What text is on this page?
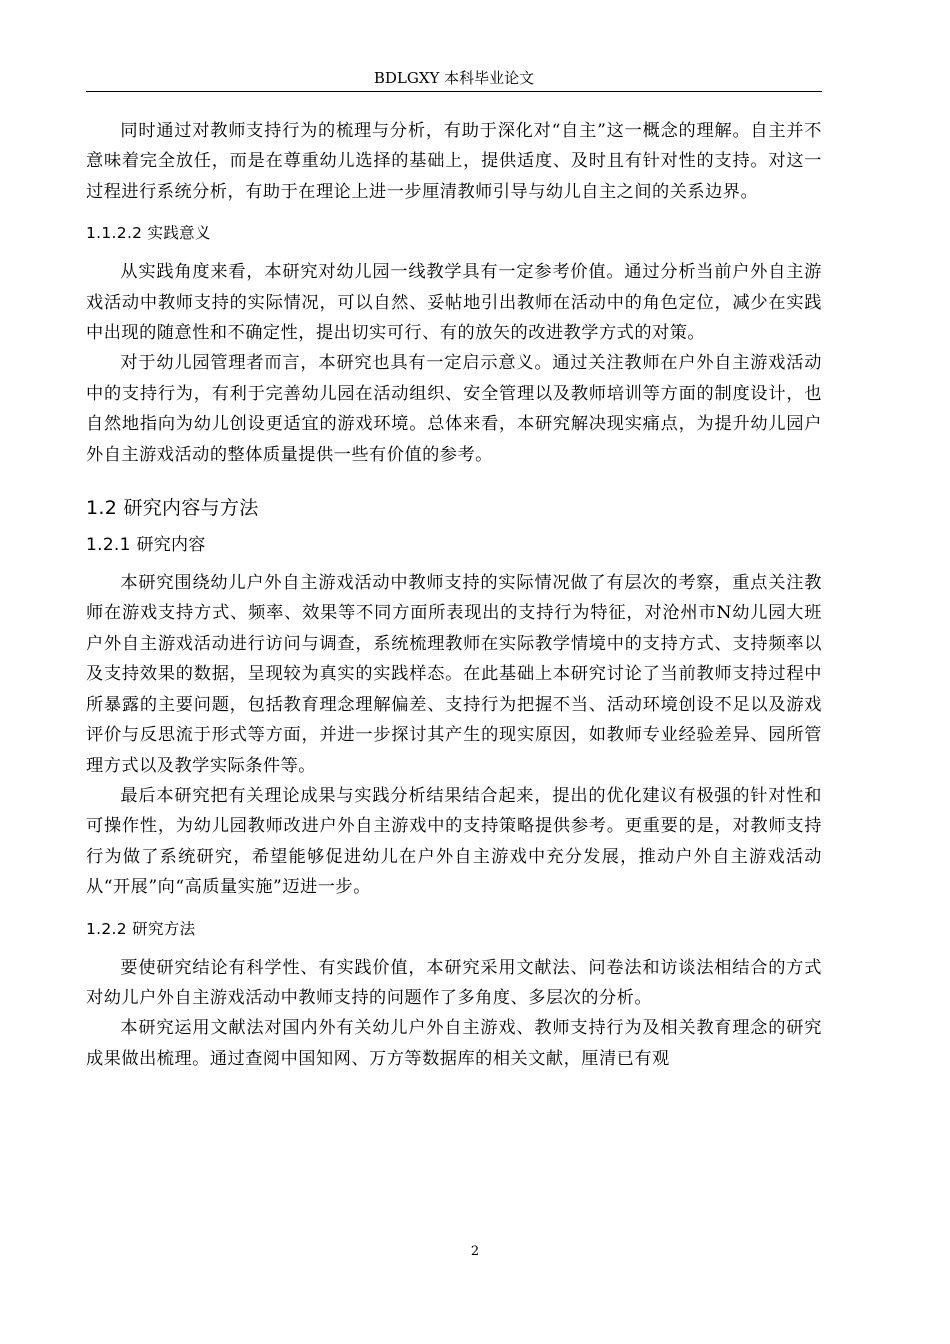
BDLGXY 本科毕业论文

同时通过对教师支持行为的梳理与分析，有助于深化对“自主”这一概念的理解。自主并不意味着完全放任，而是在尊重幼儿选择的基础上，提供适度、及时且有针对性的支持。对这一过程进行系统分析，有助于在理论上进一步厘清教师引导与幼儿自主之间的关系边界。

1.1.2.2 实践意义

从实践角度来看，本研究对幼儿园一线教学具有一定参考价值。通过分析当前户外自主游戏活动中教师支持的实际情况，可以自然、妥帖地引出教师在活动中的角色定位，减少在实践中出现的随意性和不确定性，提出切实可行、有的放矢的改进教学方式的对策。

对于幼儿园管理者而言，本研究也具有一定启示意义。通过关注教师在户外自主游戏活动中的支持行为，有利于完善幼儿园在活动组织、安全管理以及教师培训等方面的制度设计，也自然地指向为幼儿创设更适宜的游戏环境。总体来看，本研究解决现实痛点，为提升幼儿园户外自主游戏活动的整体质量提供一些有价值的参考。

1.2 研究内容与方法
1.2.1 研究内容

本研究围绕幼儿户外自主游戏活动中教师支持的实际情况做了有层次的考察，重点关注教师在游戏支持方式、频率、效果等不同方面所表现出的支持行为特征，对沧州市N幼儿园大班户外自主游戏活动进行访问与调查，系统梳理教师在实际教学情境中的支持方式、支持频率以及支持效果的数据，呈现较为真实的实践样态。在此基础上本研究讨论了当前教师支持过程中所暴露的主要问题，包括教育理念理解偏差、支持行为把握不当、活动环境创设不足以及游戏评价与反思流于形式等方面，并进一步探讨其产生的现实原因，如教师专业经验差异、园所管理方式以及教学实际条件等。

最后本研究把有关理论成果与实践分析结果结合起来，提出的优化建议有极强的针对性和可操作性，为幼儿园教师改进户外自主游戏中的支持策略提供参考。更重要的是，对教师支持行为做了系统研究，希望能够促进幼儿在户外自主游戏中充分发展，推动户外自主游戏活动从“开展”向“高质量实施”迈进一步。

1.2.2 研究方法

要使研究结论有科学性、有实践价值，本研究采用文献法、问卷法和访谈法相结合的方式对幼儿户外自主游戏活动中教师支持的问题作了多角度、多层次的分析。

本研究运用文献法对国内外有关幼儿户外自主游戏、教师支持行为及相关教育理念的研究成果做出梳理。通过查阅中国知网、万方等数据库的相关文献，厘清已有观

2
